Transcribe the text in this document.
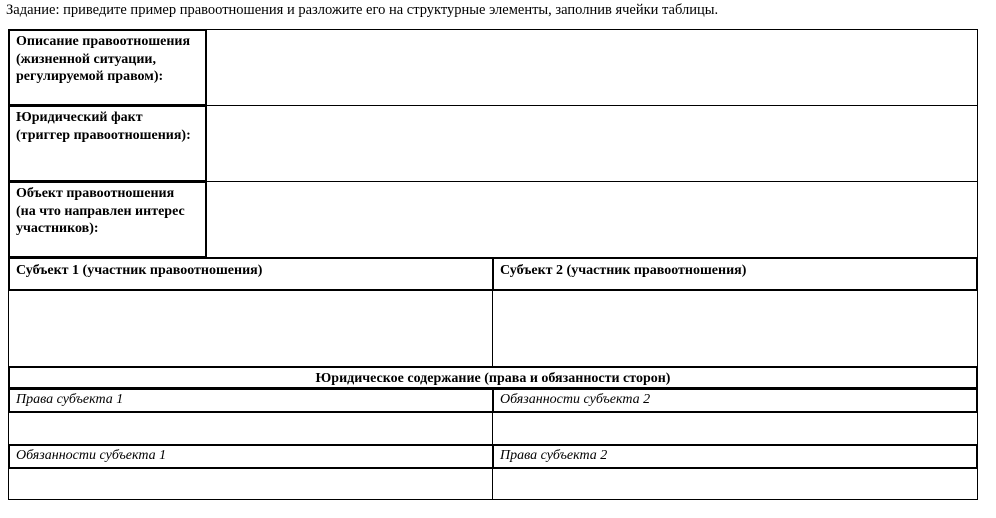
Задание: приведите пример правоотношения и разложите его на структурные элементы, заполнив ячейки таблицы.
Описание правоотношения
(жизненной ситуации,
регулируемой правом):
Юридический факт
(триггер правоотношения):
Объект правоотношения
(на что направлен интерес
участников):
Субъект 1 (участник правоотношения)	Субъект 2 (участник правоотношения)
Юридическое содержание (права и обязанности сторон)
Права субъекта 1	Обязанности субъекта 2
Обязанности субъекта 1	Права субъекта 2
